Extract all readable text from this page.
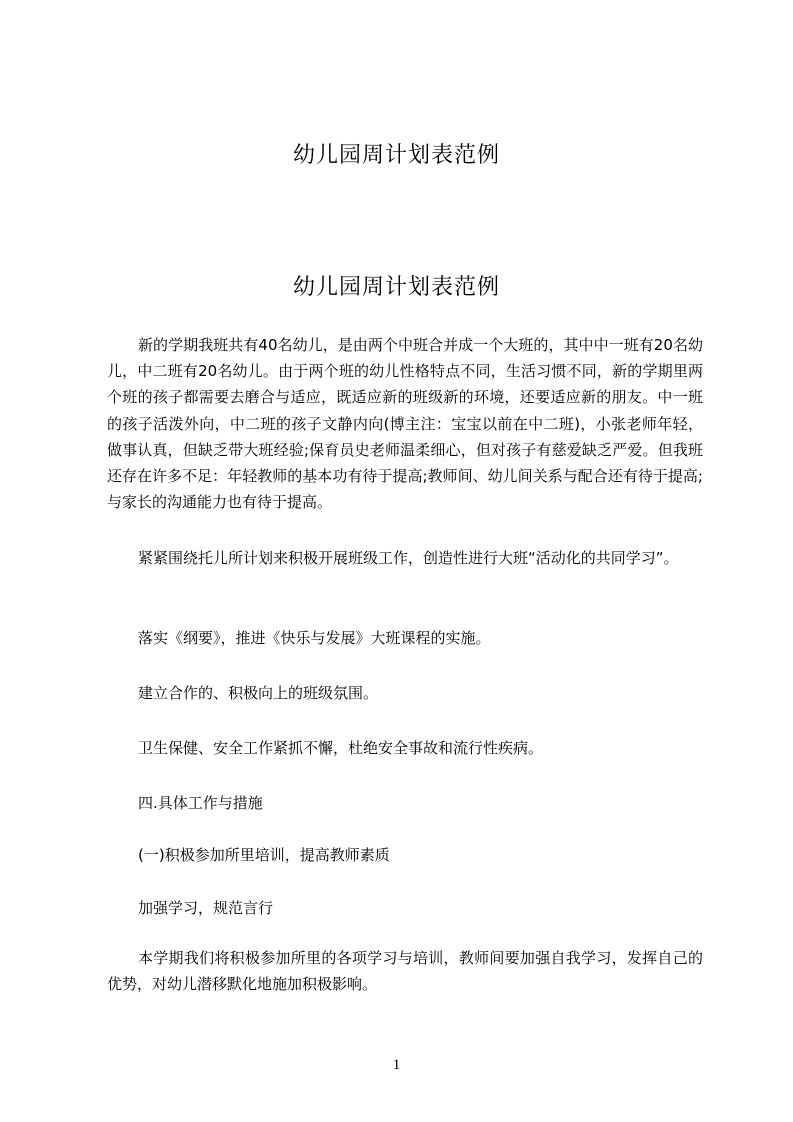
幼儿园周计划表范例
幼儿园周计划表范例

新的学期我班共有40名幼儿，是由两个中班合并成一个大班的，其中中一班有20名幼儿，中二班有20名幼儿。由于两个班的幼儿性格特点不同，生活习惯不同，新的学期里两个班的孩子都需要去磨合与适应，既适应新的班级新的环境，还要适应新的朋友。中一班的孩子活泼外向，中二班的孩子文静内向(博主注：宝宝以前在中二班)，小张老师年轻，做事认真，但缺乏带大班经验;保育员史老师温柔细心，但对孩子有慈爱缺乏严爱。但我班还存在许多不足：年轻教师的基本功有待于提高;教师间、幼儿间关系与配合还有待于提高;与家长的沟通能力也有待于提高。

紧紧围绕托儿所计划来积极开展班级工作，创造性进行大班“活动化的共同学习”。

落实《纲要》，推进《快乐与发展》大班课程的实施。

建立合作的、积极向上的班级氛围。

卫生保健、安全工作紧抓不懈，杜绝安全事故和流行性疾病。

四.具体工作与措施

(一)积极参加所里培训，提高教师素质

加强学习，规范言行

本学期我们将积极参加所里的各项学习与培训，教师间要加强自我学习，发挥自己的优势，对幼儿潜移默化地施加积极影响。

1
